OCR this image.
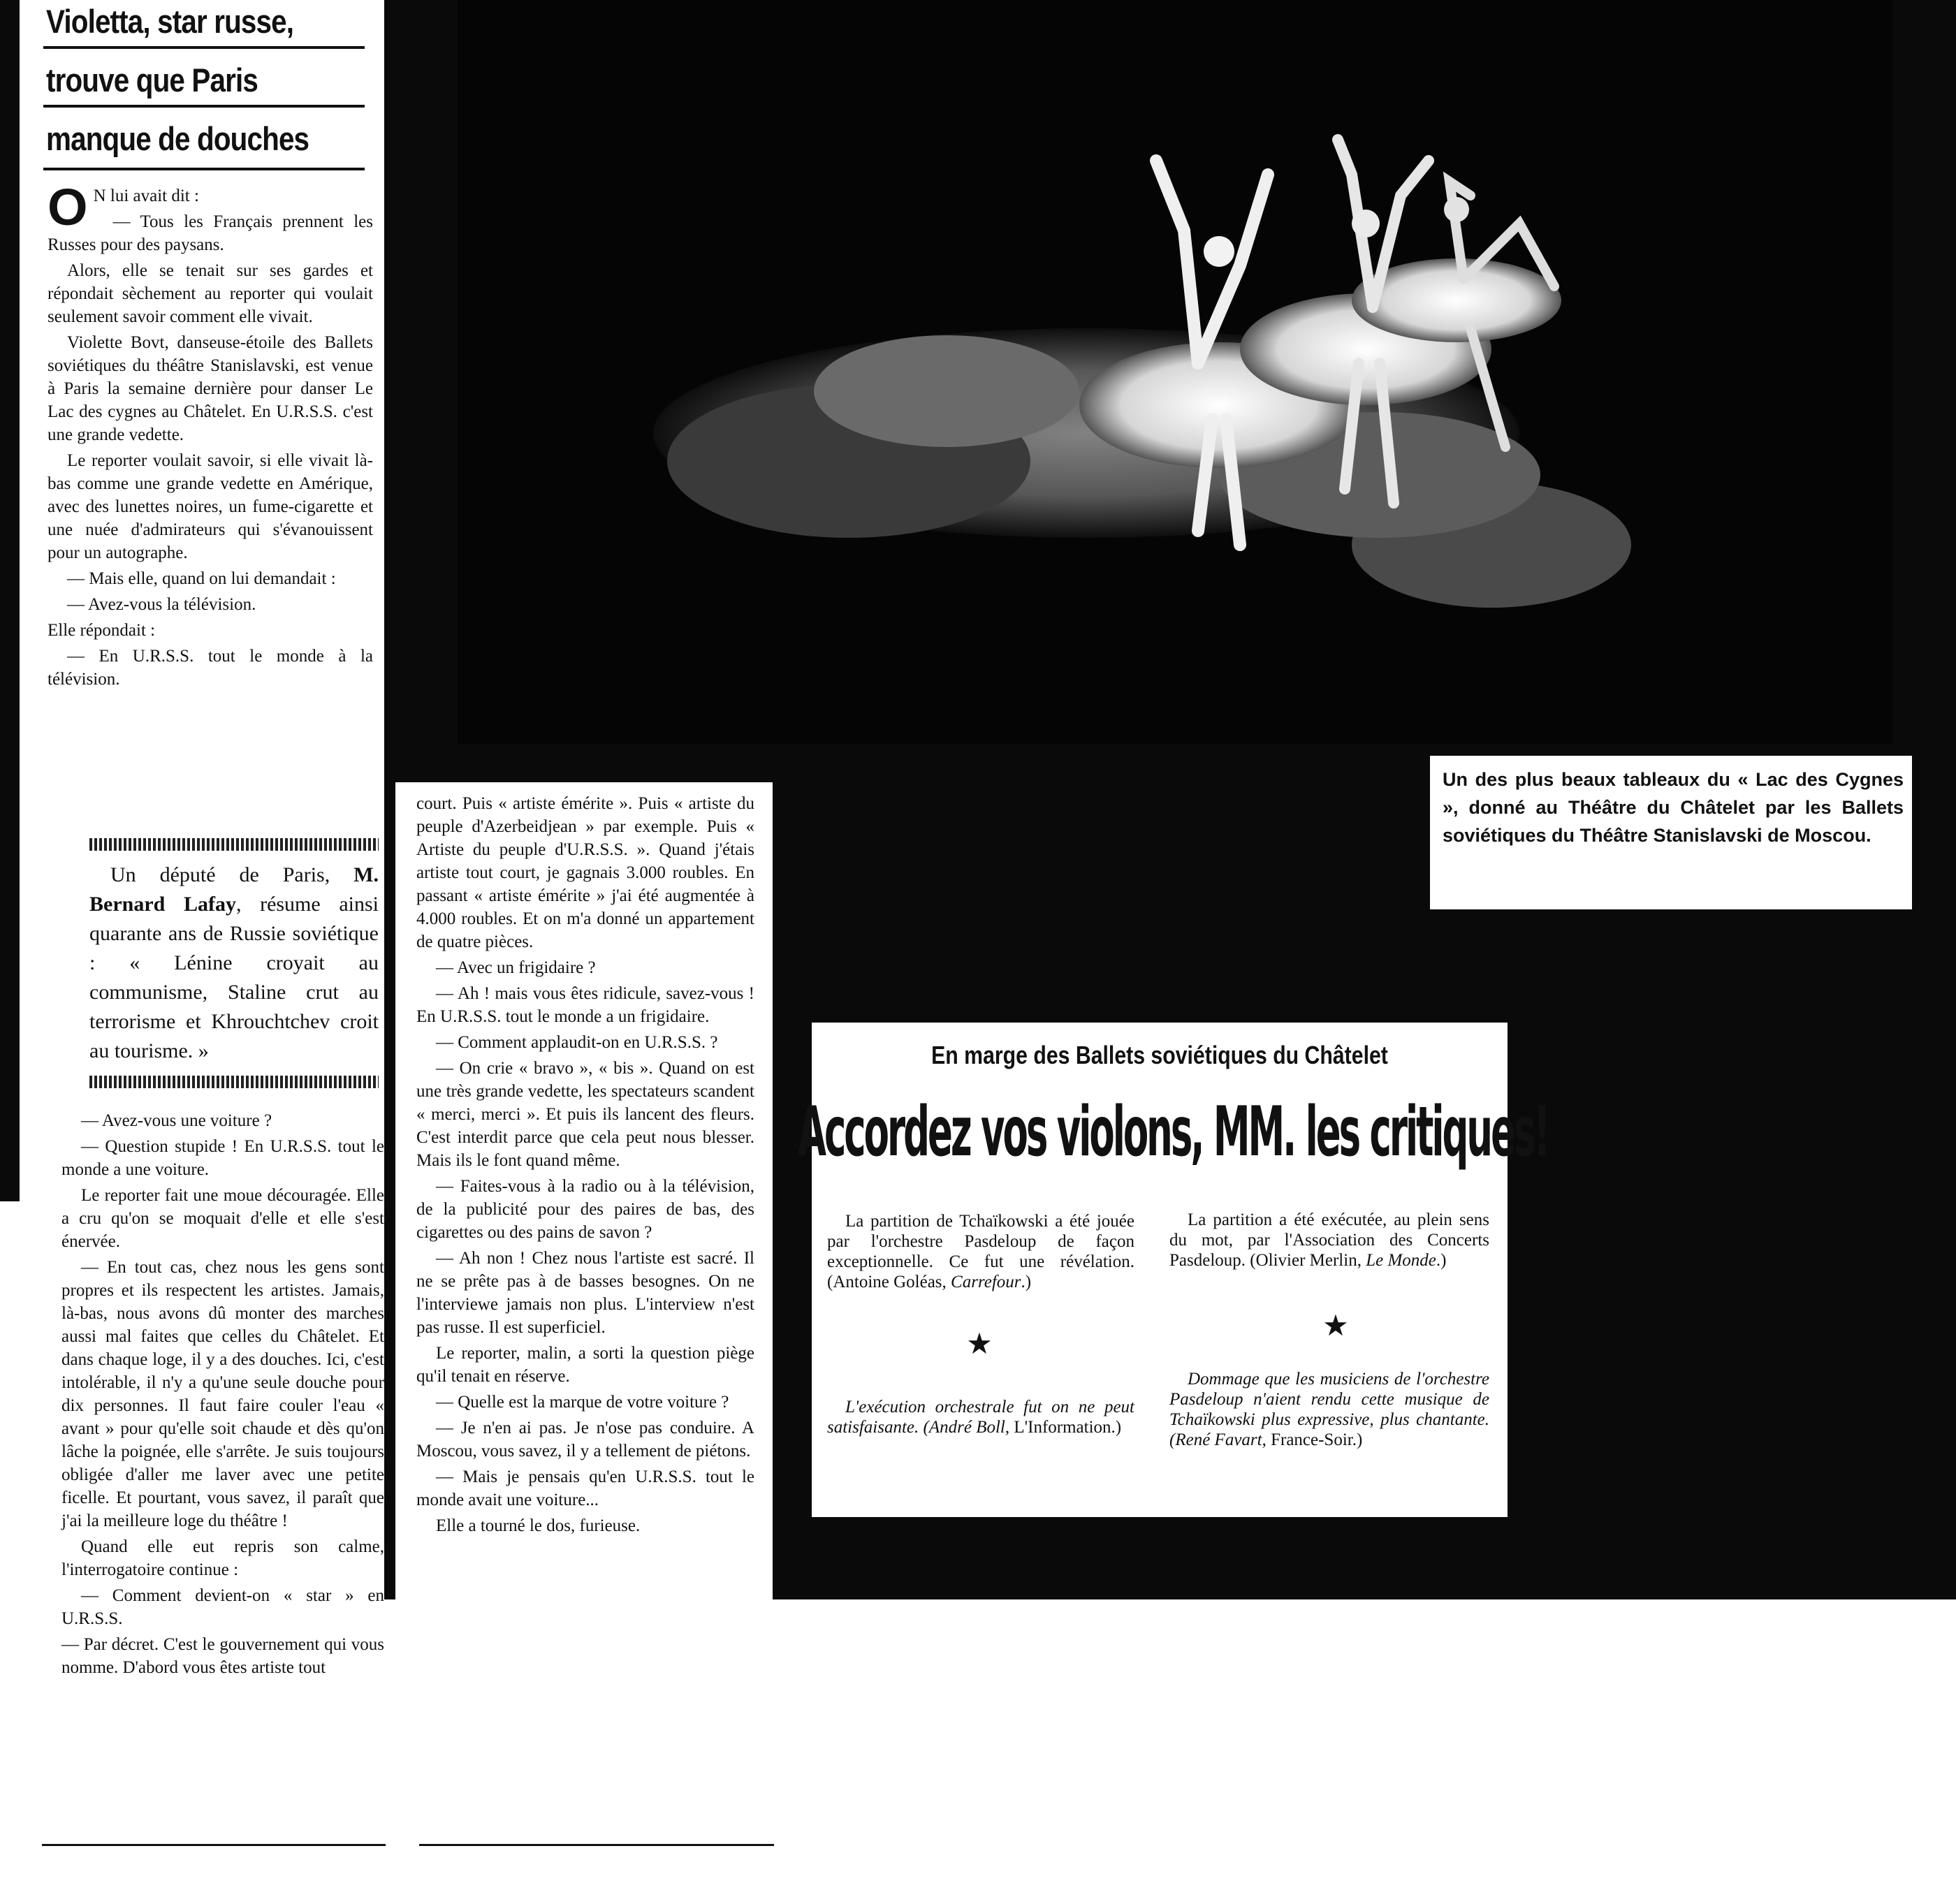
Un des plus beaux tableaux du « Lac des Cygnes », donné au Théâtre du Châtelet par les Ballets soviétiques du Théâtre Stanislavski de Moscou.
Violetta, star russe,
trouve que Paris
manque de douches
O N lui avait dit :

— Tous les Français prennent les Russes pour des paysans.

Alors, elle se tenait sur ses gardes et répondait sèchement au reporter qui voulait seulement savoir comment elle vivait.

Violette Bovt, danseuse-étoile des Ballets soviétiques du théâtre Stanislavski, est venue à Paris la semaine dernière pour danser Le Lac des cygnes au Châtelet. En U.R.S.S. c'est une grande vedette.

Le reporter voulait savoir, si elle vivait là-bas comme une grande vedette en Amérique, avec des lunettes noires, un fume-cigarette et une nuée d'admirateurs qui s'évanouissent pour un autographe.

— Mais elle, quand on lui demandait :

— Avez-vous la télévision.

Elle répondait :

— En U.R.S.S. tout le monde à la télévision.

Un député de Paris, M. Bernard Lafay, résume ainsi quarante ans de Russie soviétique : « Lénine croyait au communisme, Staline crut au terrorisme et Khrouchtchev croit au tourisme. »

— Avez-vous une voiture ?

— Question stupide ! En U.R.S.S. tout le monde a une voiture.

Le reporter fait une moue découragée. Elle a cru qu'on se moquait d'elle et elle s'est énervée.

— En tout cas, chez nous les gens sont propres et ils respectent les artistes. Jamais, là-bas, nous avons dû monter des marches aussi mal faites que celles du Châtelet. Et dans chaque loge, il y a des douches. Ici, c'est intolérable, il n'y a qu'une seule douche pour dix personnes. Il faut faire couler l'eau « avant » pour qu'elle soit chaude et dès qu'on lâche la poignée, elle s'arrête. Je suis toujours obligée d'aller me laver avec une petite ficelle. Et pourtant, vous savez, il paraît que j'ai la meilleure loge du théâtre !

Quand elle eut repris son calme, l'interrogatoire continue :

— Comment devient-on « star » en U.R.S.S.

— Par décret. C'est le gouvernement qui vous nomme. D'abord vous êtes artiste tout

court. Puis « artiste émérite ». Puis « artiste du peuple d'Azerbeidjean » par exemple. Puis « Artiste du peuple d'U.R.S.S. ». Quand j'étais artiste tout court, je gagnais 3.000 roubles. En passant « artiste émérite » j'ai été augmentée à 4.000 roubles. Et on m'a donné un appartement de quatre pièces.

— Avec un frigidaire ?

— Ah ! mais vous êtes ridicule, savez-vous ! En U.R.S.S. tout le monde a un frigidaire.

— Comment applaudit-on en U.R.S.S. ?

— On crie « bravo », « bis ». Quand on est une très grande vedette, les spectateurs scandent « merci, merci ». Et puis ils lancent des fleurs. C'est interdit parce que cela peut nous blesser. Mais ils le font quand même.

— Faites-vous à la radio ou à la télévision, de la publicité pour des paires de bas, des cigarettes ou des pains de savon ?

— Ah non ! Chez nous l'artiste est sacré. Il ne se prête pas à de basses besognes. On ne l'interviewe jamais non plus. L'interview n'est pas russe. Il est superficiel.

Le reporter, malin, a sorti la question piège qu'il tenait en réserve.

— Quelle est la marque de votre voiture ?

— Je n'en ai pas. Je n'ose pas conduire. A Moscou, vous savez, il y a tellement de piétons.

— Mais je pensais qu'en U.R.S.S. tout le monde avait une voiture...

Elle a tourné le dos, furieuse.

En marge des Ballets soviétiques du Châtelet
Accordez vos violons, MM. les critiques!
La partition de Tchaïkowski a été jouée par l'orchestre Pasdeloup de façon exceptionnelle. Ce fut une révélation. (Antoine Goléas, Carrefour.)
★
L'exécution orchestrale fut on ne peut satisfaisante. (André Boll, L'Information.)
La partition a été exécutée, au plein sens du mot, par l'Association des Concerts Pasdeloup. (Olivier Merlin, Le Monde.)
★
Dommage que les musiciens de l'orchestre Pasdeloup n'aient rendu cette musique de Tchaïkowski plus expressive, plus chantante. (René Favart, France-Soir.)
